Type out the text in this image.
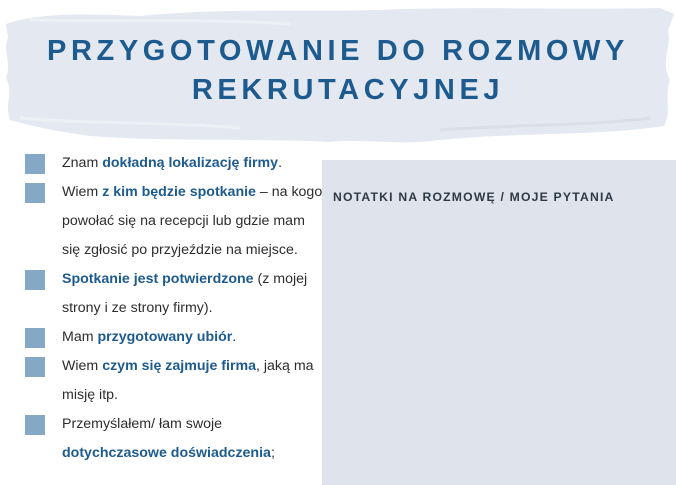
PRZYGOTOWANIE DO ROZMOWY
REKRUTACYJNEJ
Znam dokładną lokalizację firmy.
Wiem z kim będzie spotkanie – na kogo powołać się na recepcji lub gdzie mam się zgłosić po przyjeździe na miejsce.
Spotkanie jest potwierdzone (z mojej strony i ze strony firmy).
Mam przygotowany ubiór.
Wiem czym się zajmuje firma, jaką ma misję itp.
Przemyślałem/ łam swoje dotychczasowe doświadczenia;
NOTATKI NA ROZMOWĘ / MOJE PYTANIA
